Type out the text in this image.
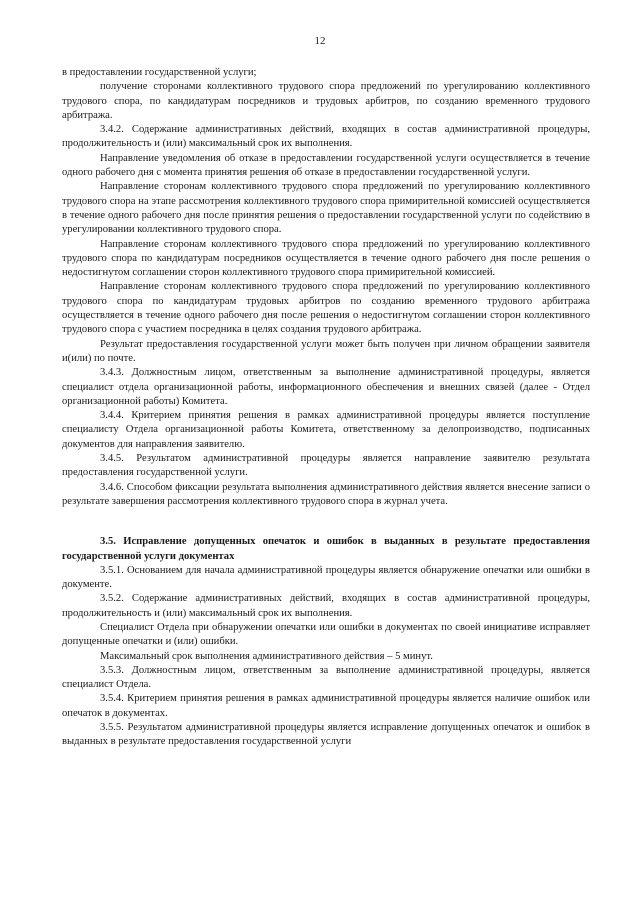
12

в предоставлении государственной услуги;

получение сторонами коллективного трудового спора предложений по урегулированию коллективного трудового спора, по кандидатурам посредников и трудовых арбитров, по созданию временного трудового арбитража.

3.4.2. Содержание административных действий, входящих в состав административной процедуры, продолжительность и (или) максимальный срок их выполнения.

Направление уведомления об отказе в предоставлении государственной услуги осуществляется в течение одного рабочего дня с момента принятия решения об отказе в предоставлении государственной услуги.

Направление сторонам коллективного трудового спора предложений по урегулированию коллективного трудового спора на этапе рассмотрения коллективного трудового спора примирительной комиссией осуществляется в течение одного рабочего дня после принятия решения о предоставлении государственной услуги по содействию в урегулировании коллективного трудового спора.

Направление сторонам коллективного трудового спора предложений по урегулированию коллективного трудового спора по кандидатурам посредников осуществляется в течение одного рабочего дня после решения о недостигнутом соглашении сторон коллективного трудового спора примирительной комиссией.

Направление сторонам коллективного трудового спора предложений по урегулированию коллективного трудового спора по кандидатурам трудовых арбитров по созданию временного трудового арбитража осуществляется в течение одного рабочего дня после решения о недостигнутом соглашении сторон коллективного трудового спора с участием посредника в целях создания трудового арбитража.

Результат предоставления государственной услуги может быть получен при личном обращении заявителя и(или) по почте.

3.4.3. Должностным лицом, ответственным за выполнение административной процедуры, является специалист отдела организационной работы, информационного обеспечения и внешних связей (далее - Отдел организационной работы) Комитета.

3.4.4. Критерием принятия решения в рамках административной процедуры является поступление специалисту Отдела организационной работы Комитета, ответственному за делопроизводство, подписанных документов для направления заявителю.

3.4.5. Результатом административной процедуры является направление заявителю результата предоставления государственной услуги.

3.4.6. Способом фиксации результата выполнения административного действия является внесение записи о результате завершения рассмотрения коллективного трудового спора в журнал учета.

3.5. Исправление допущенных опечаток и ошибок в выданных в результате предоставления государственной услуги документах

3.5.1. Основанием для начала административной процедуры является обнаружение опечатки или ошибки в документе.

3.5.2. Содержание административных действий, входящих в состав административной процедуры, продолжительность и (или) максимальный срок их выполнения.

Специалист Отдела при обнаружении опечатки или ошибки в документах по своей инициативе исправляет допущенные опечатки и (или) ошибки.

Максимальный срок выполнения административного действия – 5 минут.

3.5.3. Должностным лицом, ответственным за выполнение административной процедуры, является специалист Отдела.

3.5.4. Критерием принятия решения в рамках административной процедуры является наличие ошибок или опечаток в документах.

3.5.5. Результатом административной процедуры является исправление допущенных опечаток и ошибок в выданных в результате предоставления государственной услуги
